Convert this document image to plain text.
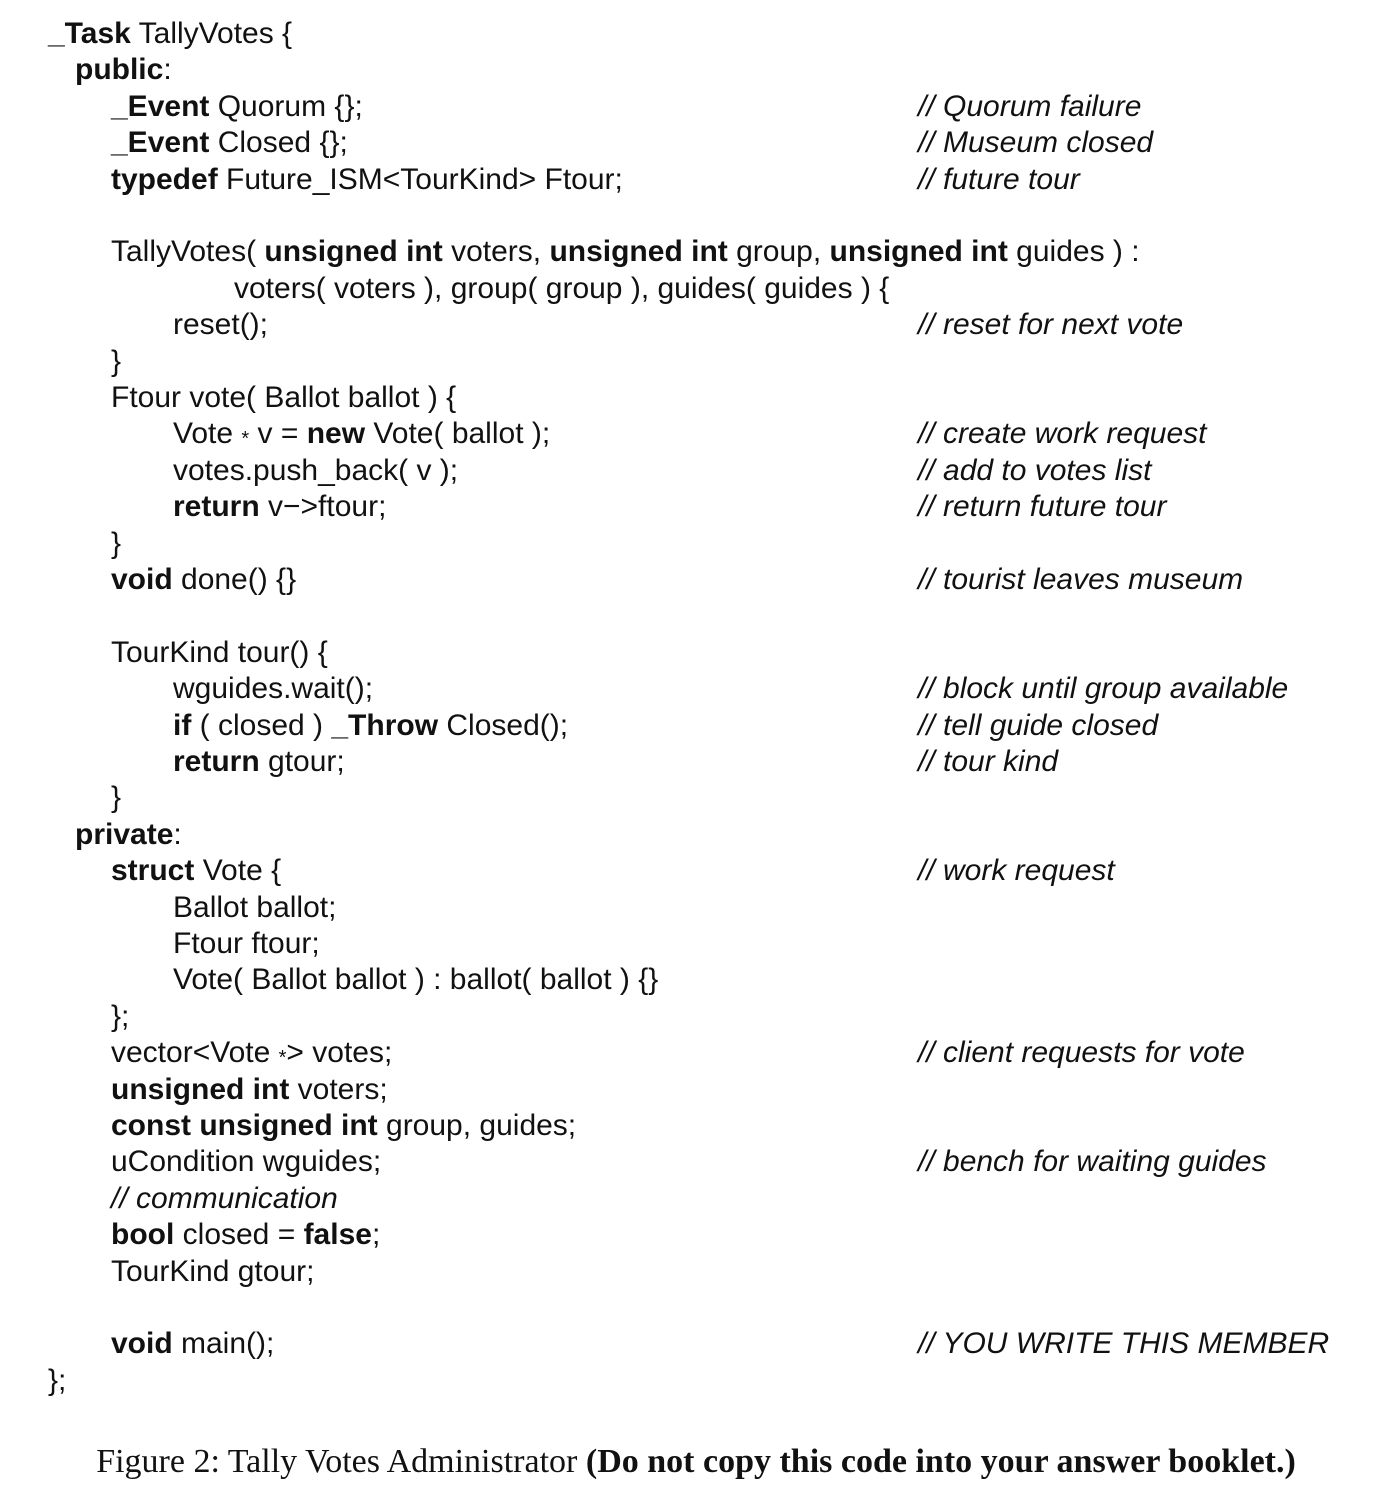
_Task TallyVotes {
public:
_Event Quorum {};	// Quorum failure
_Event Closed {};	// Museum closed
typedef Future_ISM<TourKind> Ftour;	// future tour
TallyVotes( unsigned int voters, unsigned int group, unsigned int guides ) :
voters( voters ), group( group ), guides( guides ) {
reset();	// reset for next vote
}
Ftour vote( Ballot ballot ) {
Vote * v = new Vote( ballot );	// create work request
votes.push_back( v );	// add to votes list
return v−>ftour;	// return future tour
}
void done() {}	// tourist leaves museum
TourKind tour() {
wguides.wait();	// block until group available
if ( closed ) _Throw Closed();	// tell guide closed
return gtour;	// tour kind
}
private:
struct Vote {	// work request
Ballot ballot;
Ftour ftour;
Vote( Ballot ballot ) : ballot( ballot ) {}
};
vector<Vote *> votes;	// client requests for vote
unsigned int voters;
const unsigned int group, guides;
uCondition wguides;	// bench for waiting guides
// communication
bool closed = false;
TourKind gtour;
void main();	// YOU WRITE THIS MEMBER
};
Figure 2: Tally Votes Administrator (Do not copy this code into your answer booklet.)
